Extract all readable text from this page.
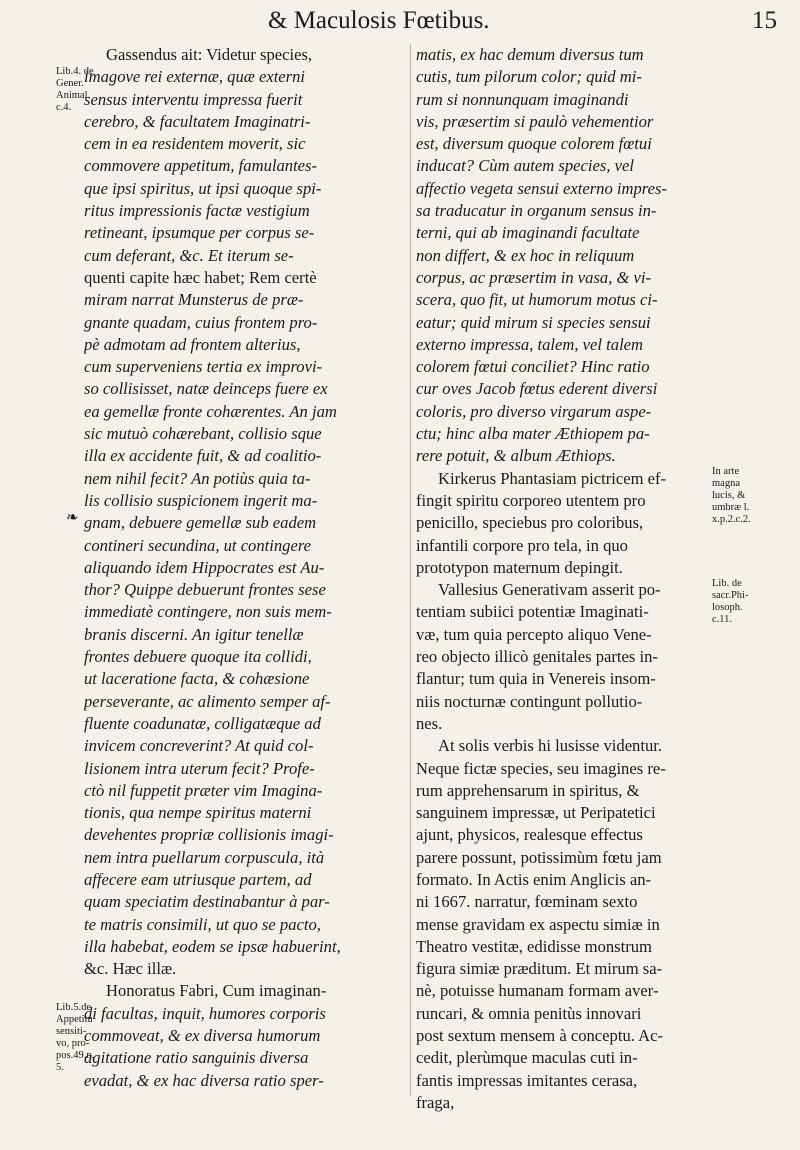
& Maculosis Fœtibus.	15
Gassendus ait: Videtur species,
imagove rei externæ, quæ externi
sensus interventu impressa fuerit
cerebro, & facultatem Imaginatri-
cem in ea residentem moverit, sic
commovere appetitum, famulantes-
que ipsi spiritus, ut ipsi quoque spi-
ritus impressionis factæ vestigium
retineant, ipsumque per corpus se-
cum deferant, &c. Et iterum se-
quenti capite hæc habet; Rem certè
miram narrat Munsterus de præ-
gnante quadam, cuius frontem pro-
pè admotam ad frontem alterius,
cum superveniens tertia ex improvi-
so collisisset, natæ deinceps fuere ex
ea gemellæ fronte cohærentes. An jam
sic mutuò cohærebant, collisio sque
illa ex accidente fuit, & ad coalitio-
nem nihil fecit? An potiùs quia ta-
lis collisio suspicionem ingerit ma-
gnam, debuere gemellæ sub eadem
contineri secundina, ut contingere
aliquando idem Hippocrates est Au-
thor? Quippe debuerunt frontes sese
immediatè contingere, non suis mem-
branis discerni. An igitur tenellæ
frontes debuere quoque ita collidi,
ut laceratione facta, & cohæsione
perseverante, ac alimento semper af-
fluente coadunatæ, colligatæque ad
invicem concreverint? At quid col-
lisionem intra uterum fecit? Profe-
ctò nil fuppetit præter vim Imagina-
tionis, qua nempe spiritus materni
devehentes propriæ collisionis imagi-
nem intra puellarum corpuscula, ità
affecere eam utriusque partem, ad
quam speciatim destinabantur à par-
te matris consimili, ut quo se pacto,
illa habebat, eodem se ipsæ habuerint,
&c. Hæc illæ.
Honoratus Fabri, Cum imaginan-
di facultas, inquit, humores corporis
commoveat, & ex diversa humorum
agitatione ratio sanguinis diversa
evadat, & ex hac diversa ratio sper-
matis, ex hac demum diversus tum
cutis, tum pilorum color; quid mi-
rum si nonnunquam imaginandi
vis, præsertim si paulò vehementior
est, diversum quoque colorem fœtui
inducat? Cùm autem species, vel
affectio vegeta sensui externo impres-
sa traducatur in organum sensus in-
terni, qui ab imaginandi facultate
non differt, & ex hoc in reliquum
corpus, ac præsertim in vasa, & vi-
scera, quo fit, ut humorum motus ci-
eatur; quid mirum si species sensui
externo impressa, talem, vel talem
colorem fœtui conciliet? Hinc ratio
cur oves Jacob fœtus ederent diversi
coloris, pro diverso virgarum aspe-
ctu; hinc alba mater Æthiopem pa-
rere potuit, & album Æthiops.
Kirkerus Phantasiam pictricem ef-
fingit spiritu corporeo utentem pro
penicillo, speciebus pro coloribus,
infantili corpore pro tela, in quo
prototypon maternum depingit.
Vallesius Generativam asserit po-
tentiam subiici potentiæ Imaginati-
væ, tum quia percepto aliquo Vene-
reo objecto illicò genitales partes in-
flantur; tum quia in Venereis insom-
niis nocturnæ contingunt pollutio-
nes.
At solis verbis hi lusisse videntur.
Neque fictæ species, seu imagines re-
rum apprehensarum in spiritus, &
sanguinem impressæ, ut Peripatetici
ajunt, physicos, realesque effectus
parere possunt, potissimùm fœtu jam
formato. In Actis enim Anglicis an-
ni 1667. narratur, fœminam sexto
mense gravidam ex aspectu simiæ in
Theatro vestitæ, edidisse monstrum
figura simiæ præditum. Et mirum sa-
nè, potuisse humanam formam aver-
runcari, & omnia penitùs innovari
post sextum mensem à conceptu. Ac-
cedit, plerùmque maculas cuti in-
fantis impressas imitantes cerasa,
fraga,
Lib.4. de
Gener.
Animal.
c.4.
Lib.5.de
Appetitu
sensiti-
vo, pro-
pos.49.n.
5.
In arte
magna
lucis, &
umbræ l.
x.p.2.c.2.
Lib. de
sacr.Phi-
losoph.
c.11.
❧
